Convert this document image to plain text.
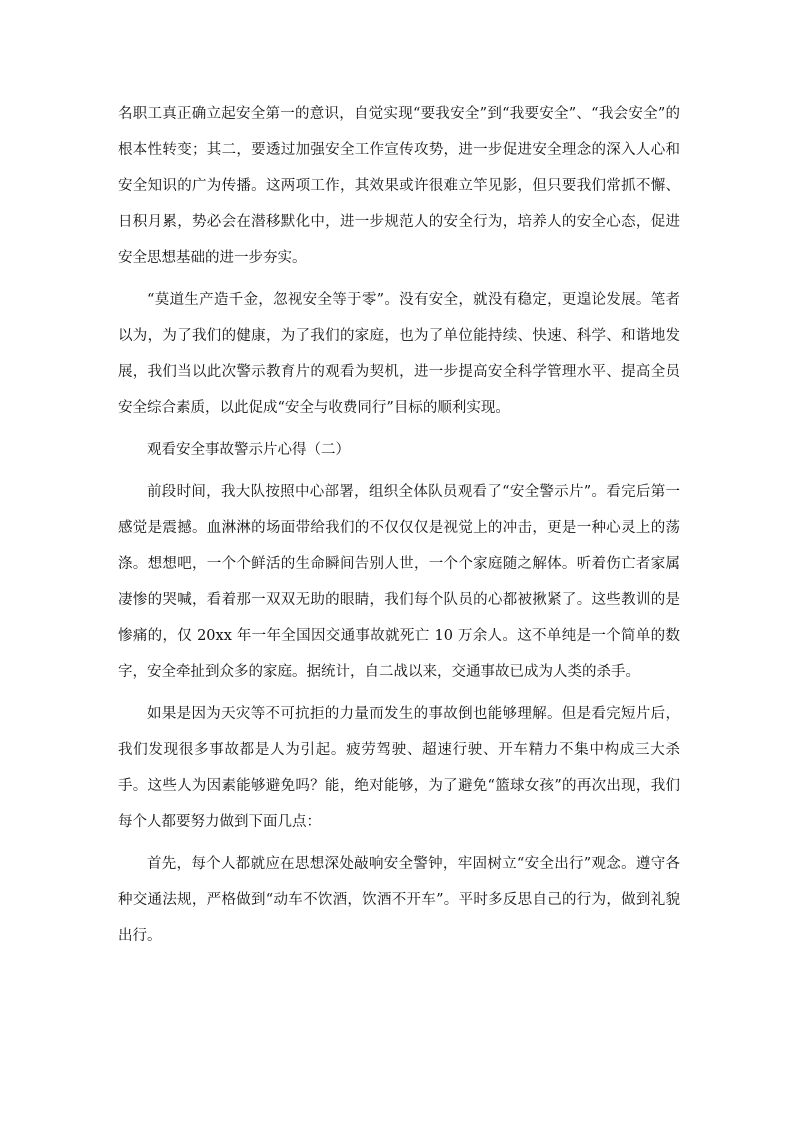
名职工真正确立起安全第一的意识，自觉实现“要我安全”到“我要安全”、“我会安全”的根本性转变；其二，要透过加强安全工作宣传攻势，进一步促进安全理念的深入人心和安全知识的广为传播。这两项工作，其效果或许很难立竿见影，但只要我们常抓不懈、日积月累，势必会在潜移默化中，进一步规范人的安全行为，培养人的安全心态，促进安全思想基础的进一步夯实。

“莫道生产造千金，忽视安全等于零”。没有安全，就没有稳定，更遑论发展。笔者以为，为了我们的健康，为了我们的家庭，也为了单位能持续、快速、科学、和谐地发展，我们当以此次警示教育片的观看为契机，进一步提高安全科学管理水平、提高全员安全综合素质，以此促成“安全与收费同行”目标的顺利实现。

观看安全事故警示片心得（二）

前段时间，我大队按照中心部署，组织全体队员观看了“安全警示片”。看完后第一感觉是震撼。血淋淋的场面带给我们的不仅仅仅是视觉上的冲击，更是一种心灵上的荡涤。想想吧，一个个鲜活的生命瞬间告别人世，一个个家庭随之解体。听着伤亡者家属凄惨的哭喊，看着那一双双无助的眼睛，我们每个队员的心都被揪紧了。这些教训的是惨痛的，仅 20xx 年一年全国因交通事故就死亡 10 万余人。这不单纯是一个简单的数字，安全牵扯到众多的家庭。据统计，自二战以来，交通事故已成为人类的杀手。

如果是因为天灾等不可抗拒的力量而发生的事故倒也能够理解。但是看完短片后，我们发现很多事故都是人为引起。疲劳驾驶、超速行驶、开车精力不集中构成三大杀手。这些人为因素能够避免吗？能，绝对能够，为了避免“篮球女孩”的再次出现，我们每个人都要努力做到下面几点：

首先，每个人都就应在思想深处敲响安全警钟，牢固树立“安全出行”观念。遵守各种交通法规，严格做到“动车不饮酒，饮酒不开车”。平时多反思自己的行为，做到礼貌出行。
